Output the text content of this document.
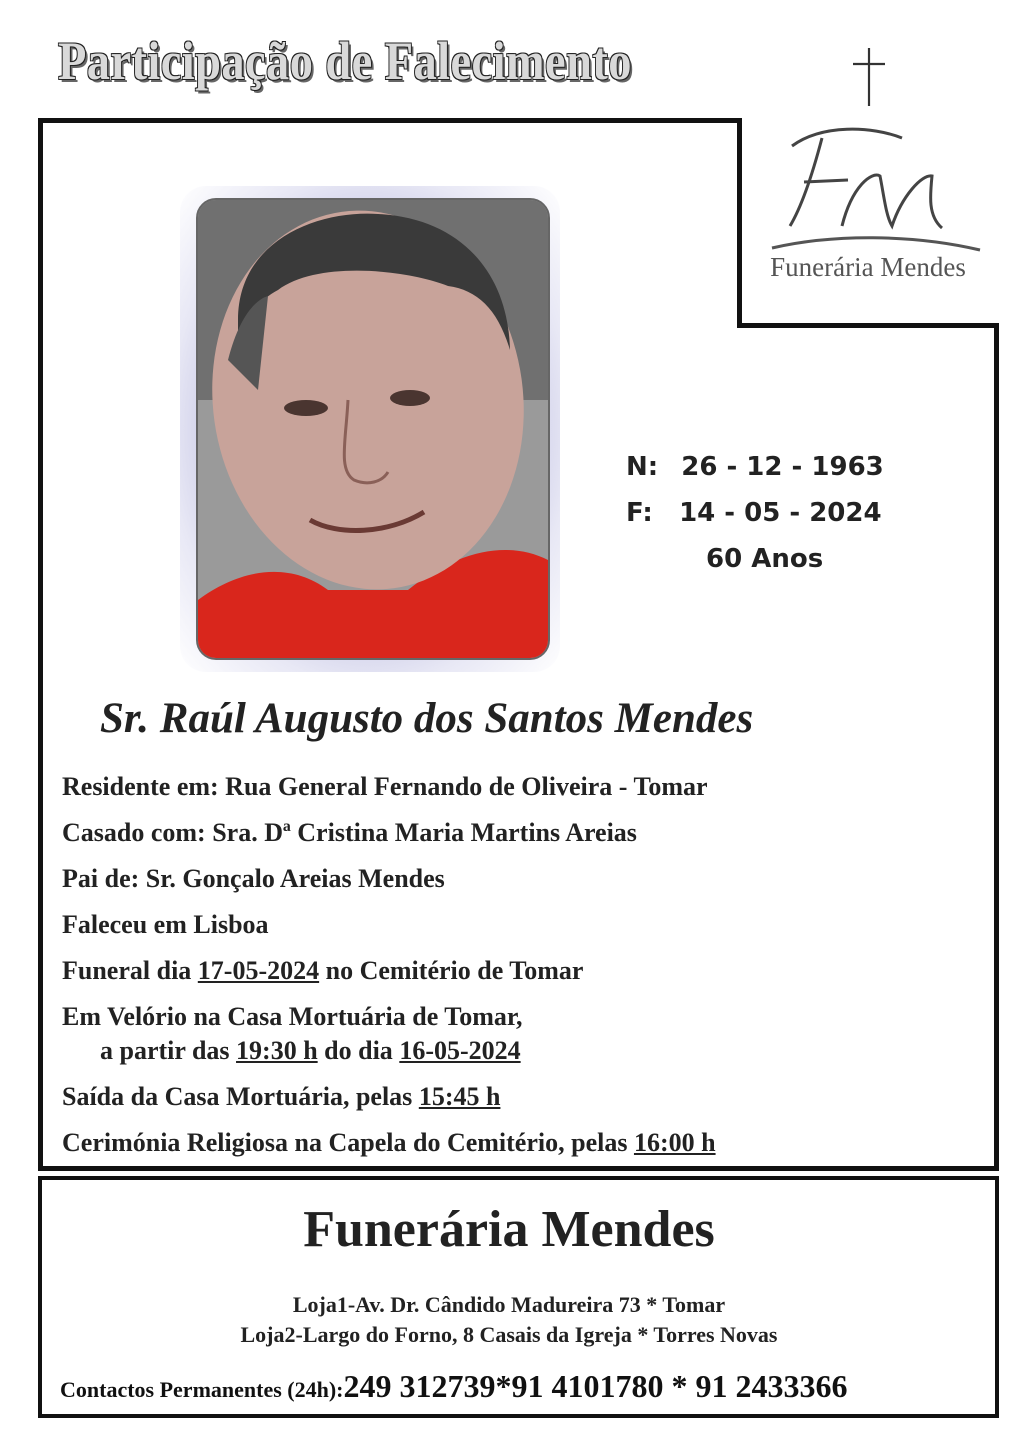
Participação de Falecimento
Funerária Mendes
N: 26 - 12 - 1963
F: 14 - 05 - 2024
60 Anos
Sr. Raúl Augusto dos Santos Mendes
Residente em: Rua General Fernando de Oliveira - Tomar
Casado com: Sra. Dª Cristina Maria Martins Areias
Pai de: Sr. Gonçalo Areias Mendes
Faleceu em Lisboa
Funeral dia 17-05-2024 no Cemitério de Tomar
Em Velório na Casa Mortuária de Tomar,
a partir das 19:30 h do dia 16-05-2024
Saída da Casa Mortuária, pelas 15:45 h
Cerimónia Religiosa na Capela do Cemitério, pelas 16:00 h
Funerária Mendes
Loja1-Av. Dr. Cândido Madureira 73 * Tomar
Loja2-Largo do Forno, 8 Casais da Igreja * Torres Novas
Contactos Permanentes (24h):249 312739*91 4101780 * 91 2433366
